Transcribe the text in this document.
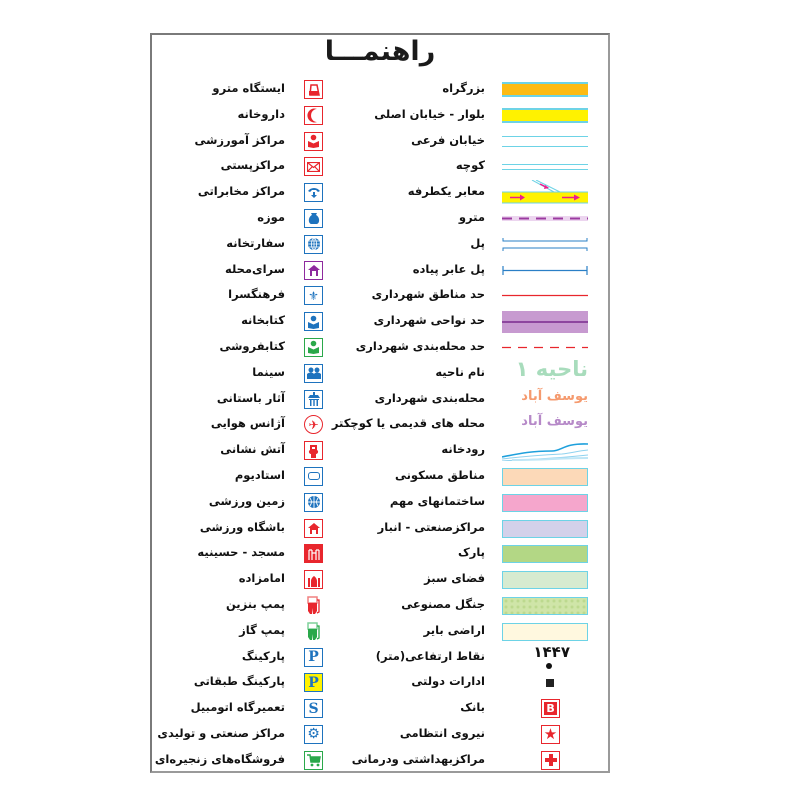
راهنمـــا
بزرگراه
بلوار - خیابان اصلی
خیابان فرعی
کوچه
معابر یکطرفه
مترو
پل
پل عابر پیاده
حد مناطق شهرداری
حد نواحی شهرداری
حد محله‌بندی شهرداری
ناحیه ۱
نام ناحیه
یوسف آباد
محله‌بندی شهرداری
یوسف آباد
محله های قدیمی یا کوچکتر
رودخانه
مناطق مسکونی
ساختمانهای مهم
مراکزصنعتی - انبار
پارک
فضای سبز
جنگل مصنوعی
اراضی بایر
۱۴۴۷
نقاط ارتفاعی(متر)
ادارات دولتی
B
بانک
★
نیروی انتظامی
مراکزبهداشتی ودرمانی
ایستگاه مترو
داروخانه
مراکز آمورزشی
مراکزپستی
مراکز مخابراتی
موزه
سفارتخانه
سرای‌محله
⚜
فرهنگسرا
کتابخانه
کتابفروشی
سینما
آثار باستانی
✈
آژانس هوایی
آتش نشانی
استادیوم
زمین ورزشی
باشگاه ورزشی
مسجد - حسینیه
امامزاده
پمپ بنزین
پمپ گاز
P
پارکینگ
P
پارکینگ طبقاتی
S
تعمیرگاه اتومبیل
⚙
مراکز صنعتی و تولیدی
فروشگاه‌های زنجیره‌ای
